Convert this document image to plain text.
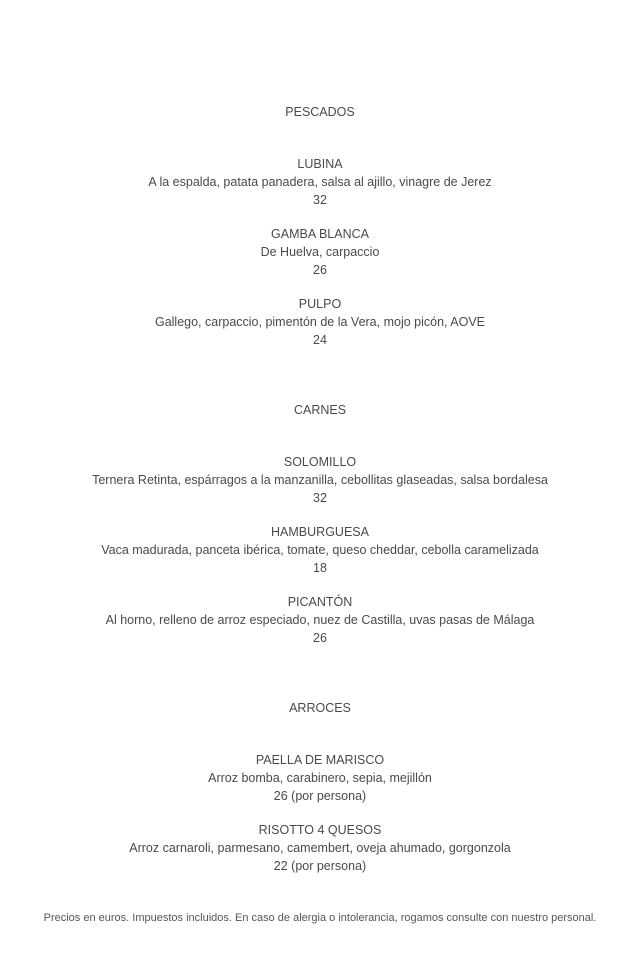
PESCADOS
LUBINA
A la espalda, patata panadera, salsa al ajillo, vinagre de Jerez
32
GAMBA BLANCA
De Huelva, carpaccio
26
PULPO
Gallego, carpaccio, pimentón de la Vera, mojo picón, AOVE
24
CARNES
SOLOMILLO
Ternera Retinta, espárragos a la manzanilla, cebollitas glaseadas, salsa bordalesa
32
HAMBURGUESA
Vaca madurada, panceta ibérica, tomate, queso cheddar, cebolla caramelizada
18
PICANTÓN
Al horno, relleno de arroz especiado, nuez de Castilla, uvas pasas de Málaga
26
ARROCES
PAELLA DE MARISCO
Arroz bomba, carabinero, sepia, mejillón
26 (por persona)
RISOTTO 4 QUESOS
Arroz carnaroli, parmesano, camembert, oveja ahumado, gorgonzola
22 (por persona)
Precios en euros. Impuestos incluidos. En caso de alergia o intolerancia, rogamos consulte con nuestro personal.
